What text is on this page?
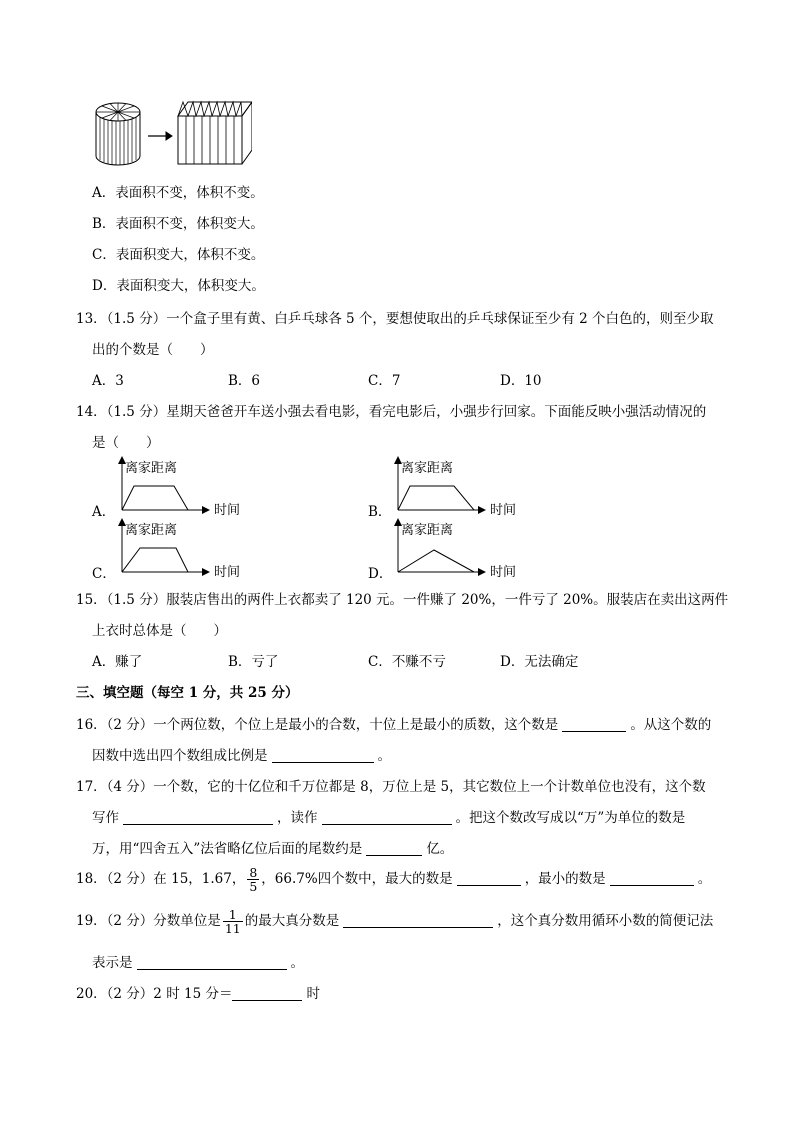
A．表面积不变，体积不变。
B．表面积不变，体积变大。
C．表面积变大，体积不变。
D．表面积变大，体积变大。
13．（1.5 分）一个盒子里有黄、白乒乓球各 5 个，要想使取出的乒乓球保证至少有 2 个白色的，则至少取
出的个数是（　　）
A．3	B．6	C．7	D．10
14．（1.5 分）星期天爸爸开车送小强去看电影，看完电影后，小强步行回家。下面能反映小强活动情况的
是（　　）
A．
离家距离
时间	B．
离家距离
时间
C．
离家距离
时间	D．
离家距离
时间
15．（1.5 分）服装店售出的两件上衣都卖了 120 元。一件赚了 20%，一件亏了 20%。服装店在卖出这两件
上衣时总体是（　　）
A．赚了	B．亏了	C．不赚不亏	D．无法确定
三、填空题（每空 1 分，共 25 分）
16．（2 分）一个两位数，个位上是最小的合数，十位上是最小的质数，这个数是	。从这个数的
因数中选出四个数组成比例是	。
17．（4 分）一个数，它的十亿位和千万位都是 8，万位上是 5，其它数位上一个计数单位也没有，这个数
写作	，读作	。把这个数改写成以“万”为单位的数是
万，用“四舍五入”法省略亿位后面的尾数约是	亿。
18．（2 分）在 15，1.67， $\frac{8}{5}$ ，66.7%四个数中，最大的数是	，最小的数是	。
19．（2 分）分数单位是 $\frac{1}{11}$ 的最大真分数是	，这个真分数用循环小数的简便记法
表示是	。
20．（2 分）2 时 15 分＝	时
